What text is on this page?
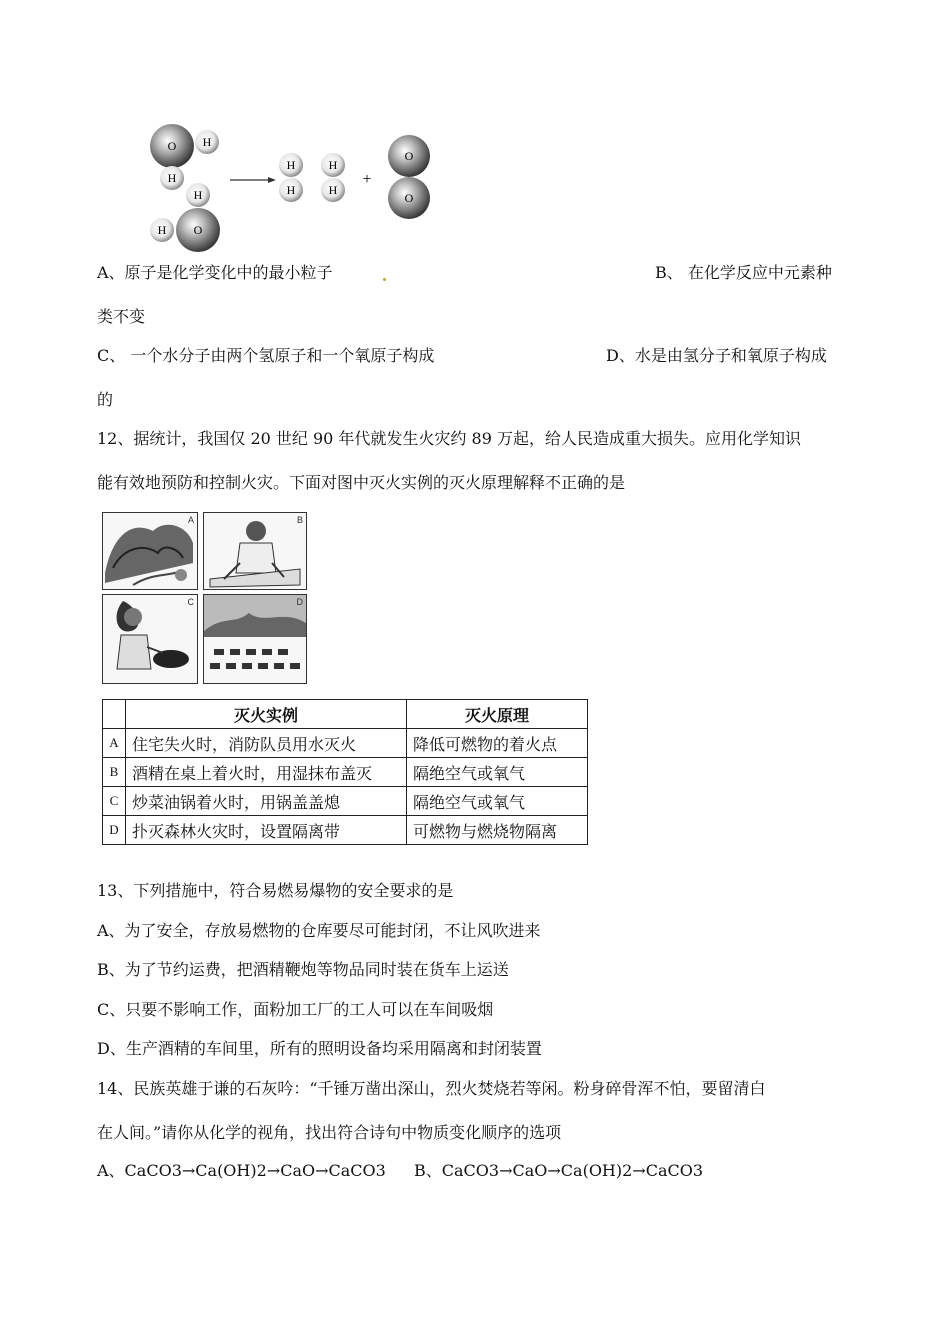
O H
H
H
H O
H
H
H
H
+
O
O
A、原子是化学变化中的最小粒子	B、 在化学反应中元素种
类不变
C、 一个水分子由两个氢原子和一个氧原子构成	D、水是由氢分子和氧原子构成
的
12、据统计，我国仅 20 世纪 90 年代就发生火灾约 89 万起，给人民造成重大损失。应用化学知识
能有效地预防和控制火灾。下面对图中灭火实例的灭火原理解释不正确的是
A	B
C	D
	灭火实例	灭火原理
A	住宅失火时，消防队员用水灭火	降低可燃物的着火点
B	酒精在桌上着火时，用湿抹布盖灭	隔绝空气或氧气
C	炒菜油锅着火时，用锅盖盖熄	隔绝空气或氧气
D	扑灭森林火灾时，设置隔离带	可燃物与燃烧物隔离
13、下列措施中，符合易燃易爆物的安全要求的是
A、为了安全，存放易燃物的仓库要尽可能封闭，不让风吹进来
B、为了节约运费，把酒精鞭炮等物品同时装在货车上运送
C、只要不影响工作，面粉加工厂的工人可以在车间吸烟
D、生产酒精的车间里，所有的照明设备均采用隔离和封闭装置
14、民族英雄于谦的石灰吟：“千锤万凿出深山，烈火焚烧若等闲。粉身碎骨浑不怕，要留清白
在人间。”请你从化学的视角，找出符合诗句中物质变化顺序的选项
A、CaCO3→Ca(OH)2→CaO→CaCO3 B、CaCO3→CaO→Ca(OH)2→CaCO3
